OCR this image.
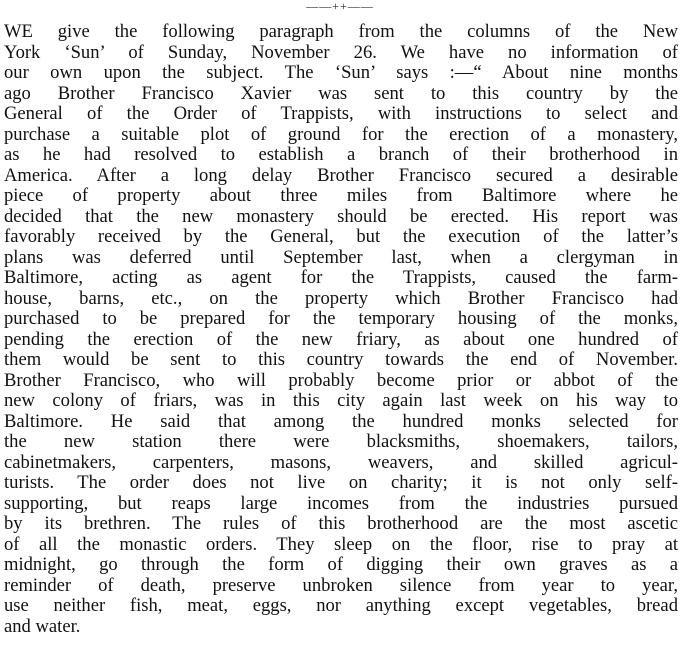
——++——
WE give the following paragraph from the columns of the New
York ‘Sun’ of Sunday, November 26. We have no information of
our own upon the subject. The ‘Sun’ says :—“ About nine months
ago Brother Francisco Xavier was sent to this country by the
General of the Order of Trappists, with instructions to select and
purchase a suitable plot of ground for the erection of a monastery,
as he had resolved to establish a branch of their brotherhood in
America. After a long delay Brother Francisco secured a desirable
piece of property about three miles from Baltimore where he
decided that the new monastery should be erected. His report was
favorably received by the General, but the execution of the latter’s
plans was deferred until September last, when a clergyman in
Baltimore, acting as agent for the Trappists, caused the farm-
house, barns, etc., on the property which Brother Francisco had
purchased to be prepared for the temporary housing of the monks,
pending the erection of the new friary, as about one hundred of
them would be sent to this country towards the end of November.
Brother Francisco, who will probably become prior or abbot of the
new colony of friars, was in this city again last week on his way to
Baltimore. He said that among the hundred monks selected for
the new station there were blacksmiths, shoemakers, tailors,
cabinetmakers, carpenters, masons, weavers, and skilled agricul-
turists. The order does not live on charity; it is not only self-
supporting, but reaps large incomes from the industries pursued
by its brethren. The rules of this brotherhood are the most ascetic
of all the monastic orders. They sleep on the floor, rise to pray at
midnight, go through the form of digging their own graves as a
reminder of death, preserve unbroken silence from year to year,
use neither fish, meat, eggs, nor anything except vegetables, bread
and water.
